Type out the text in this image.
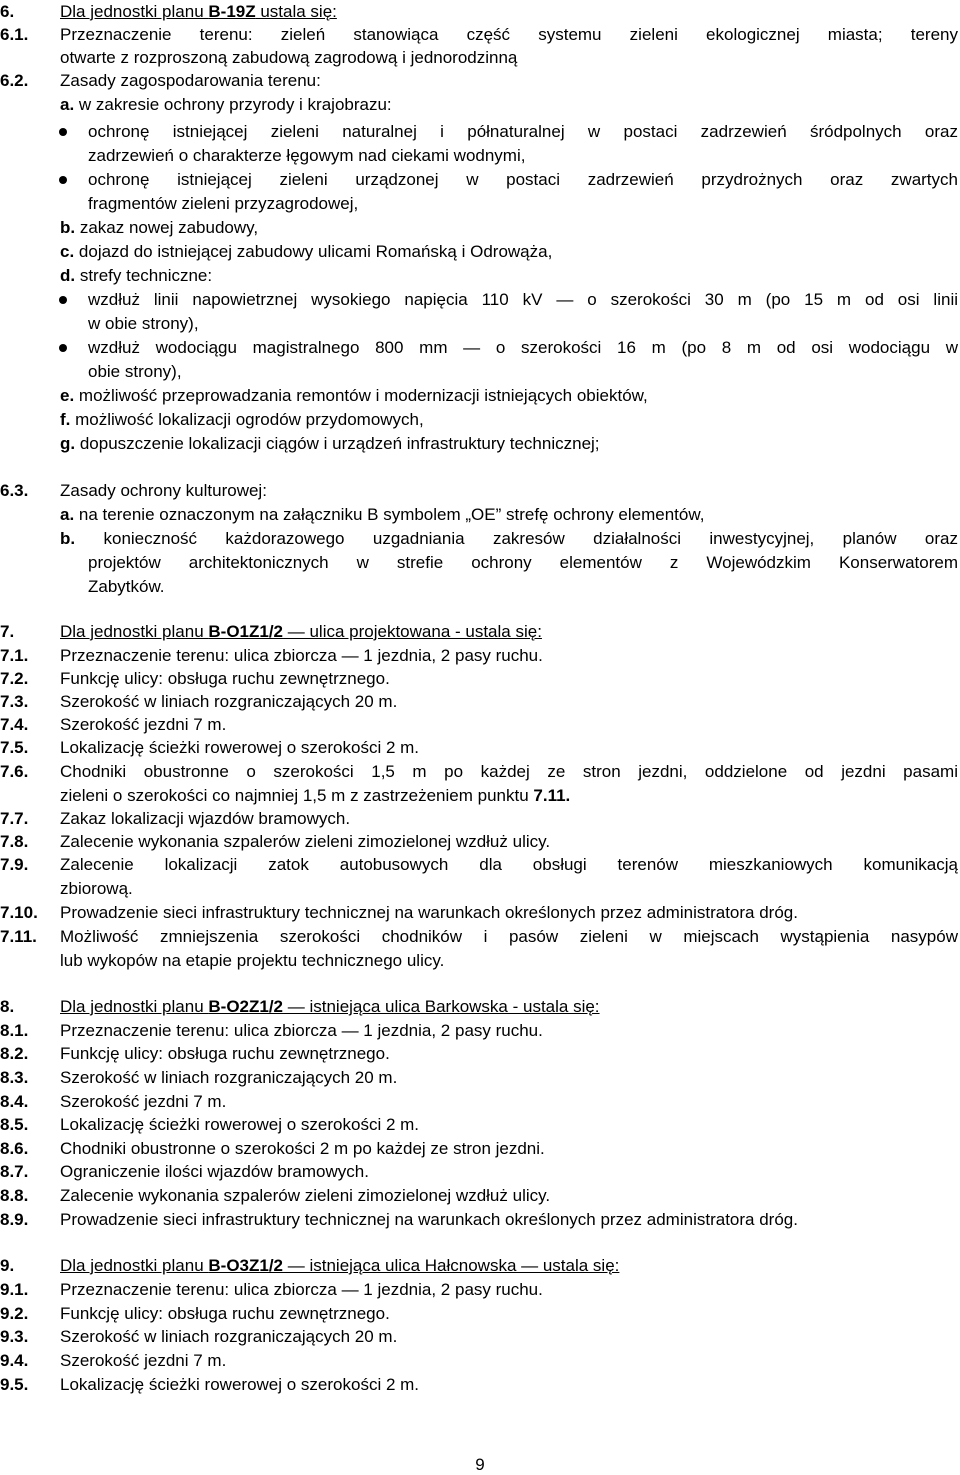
6.	Dla jednostki planu B-19Z ustala się:
6.1. Przeznaczenie terenu: zieleń stanowiąca część systemu zieleni ekologicznej miasta; tereny
otwarte z rozproszoną zabudową zagrodową i jednorodzinną
6.2. Zasady zagospodarowania terenu:
a. w zakresie ochrony przyrody i krajobrazu:
ochronę istniejącej zieleni naturalnej i półnaturalnej w postaci zadrzewień śródpolnych oraz
zadrzewień o charakterze łęgowym nad ciekami wodnymi,
ochronę istniejącej zieleni urządzonej w postaci zadrzewień przydrożnych oraz zwartych
fragmentów zieleni przyzagrodowej,
b. zakaz nowej zabudowy,
c. dojazd do istniejącej zabudowy ulicami Romańską i Odrowąża,
d. strefy techniczne:
wzdłuż linii napowietrznej wysokiego napięcia 110 kV — o szerokości 30 m (po 15 m od osi linii
w obie strony),
wzdłuż wodociągu magistralnego 800 mm — o szerokości 16 m (po 8 m od osi wodociągu w
obie strony),
e. możliwość przeprowadzania remontów i modernizacji istniejących obiektów,
f. możliwość lokalizacji ogrodów przydomowych,
g. dopuszczenie lokalizacji ciągów i urządzeń infrastruktury technicznej;
6.3. Zasady ochrony kulturowej:
a. na terenie oznaczonym na załączniku B symbolem „OE” strefę ochrony elementów,
b. konieczność każdorazowego uzgadniania zakresów działalności inwestycyjnej, planów oraz
projektów architektonicznych w strefie ochrony elementów z Wojewódzkim Konserwatorem
Zabytków.
7.	Dla jednostki planu B-O1Z1/2 — ulica projektowana - ustala się:
7.1. Przeznaczenie terenu: ulica zbiorcza — 1 jezdnia, 2 pasy ruchu.
7.2. Funkcję ulicy: obsługa ruchu zewnętrznego.
7.3. Szerokość w liniach rozgraniczających 20 m.
7.4. Szerokość jezdni 7 m.
7.5. Lokalizację ścieżki rowerowej o szerokości 2 m.
7.6. Chodniki obustronne o szerokości 1,5 m po każdej ze stron jezdni, oddzielone od jezdni pasami
zieleni o szerokości co najmniej 1,5 m z zastrzeżeniem punktu 7.11.
7.7. Zakaz lokalizacji wjazdów bramowych.
7.8. Zalecenie wykonania szpalerów zieleni zimozielonej wzdłuż ulicy.
7.9. Zalecenie lokalizacji zatok autobusowych dla obsługi terenów mieszkaniowych komunikacją
zbiorową.
7.10. Prowadzenie sieci infrastruktury technicznej na warunkach określonych przez administratora dróg.
7.11. Możliwość zmniejszenia szerokości chodników i pasów zieleni w miejscach wystąpienia nasypów
lub wykopów na etapie projektu technicznego ulicy.
8.	Dla jednostki planu B-O2Z1/2 — istniejąca ulica Barkowska - ustala się:
8.1. Przeznaczenie terenu: ulica zbiorcza — 1 jezdnia, 2 pasy ruchu.
8.2. Funkcję ulicy: obsługa ruchu zewnętrznego.
8.3. Szerokość w liniach rozgraniczających 20 m.
8.4. Szerokość jezdni 7 m.
8.5. Lokalizację ścieżki rowerowej o szerokości 2 m.
8.6. Chodniki obustronne o szerokości 2 m po każdej ze stron jezdni.
8.7. Ograniczenie ilości wjazdów bramowych.
8.8. Zalecenie wykonania szpalerów zieleni zimozielonej wzdłuż ulicy.
8.9. Prowadzenie sieci infrastruktury technicznej na warunkach określonych przez administratora dróg.
9.	Dla jednostki planu B-O3Z1/2 — istniejąca ulica Hałcnowska — ustala się:
9.1. Przeznaczenie terenu: ulica zbiorcza — 1 jezdnia, 2 pasy ruchu.
9.2. Funkcję ulicy: obsługa ruchu zewnętrznego.
9.3. Szerokość w liniach rozgraniczających 20 m.
9.4. Szerokość jezdni 7 m.
9.5. Lokalizację ścieżki rowerowej o szerokości 2 m.
9
